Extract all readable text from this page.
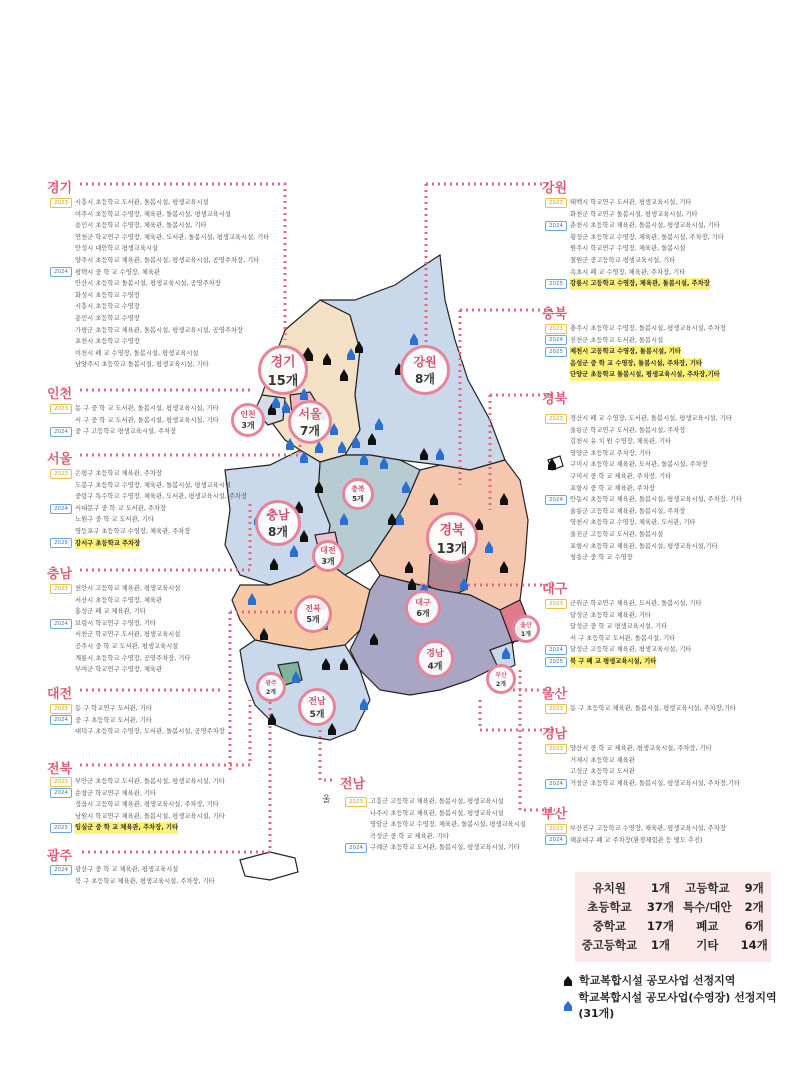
울
경기
15개
강원
8개
인천
3개
서울
7개
충북
5개
충남
8개
대전
3개
경북
13개
전북
5개
대구
6개
울산
1개
경남
4개
부산
2개
광주
2개
전남
5개
경기
인천
서울
충남
대전
전북
광주
강원
충북
경북
대구
울산
경남
부산
전남
2023	시흥시 초등학교 도서관, 돌봄시설, 평생교육시설
여주시 초등학교 수영장, 체육관, 돌봄시설, 평생교육시설
용인시 초등학교 수영장, 체육관, 돌봄시설, 기타
연천군 학교연구 수영장, 체육관, 도서관, 돌봄시설, 평생교육시설, 기타
안성시 대안학교 평생교육시설
양주시 초등학교 체육관, 돌봄시설, 평생교육시설, 공영주차장, 기타
2024	평택시 중 학 교 수영장, 체육관
안산시 초등학교 돌봄시설, 평생교육시설, 공영주차장
화성시 초등학교 수영장
시흥시 초등학교 수영장
용인시 초등학교 수영장
가평군 초등학교 체육관, 돌봄시설, 평생교육시설, 공영주차장
포천시 초등학교 수영장
이천시 폐 교 수영장, 돌봄시설, 평생교육시설
남양주시 초등학교 돌봄시설, 평생교육시설, 기타
2023	동 구 중 학 교 도서관, 돌봄시설, 평생교육시설, 기타
서 구 중 학 교 도서관, 돌봄시설, 평생교육시설, 기타
2024	중 구 고등학교 평생교육시설, 주차장
2023	은평구 초등학교 체육관, 주차장
도봉구 초등학교 수영장, 체육관, 돌봄시설, 평생교육시설
중랑구 특수학교 수영장, 체육관, 도서관, 평생교육시설, 주차장
2024	서대문구 중 학 교 도서관, 주차장
노원구 중 학 교 도서관, 기타
영등포구 초등학교 수영장, 체육관, 주차장
2025	강서구 초등학교 주차장
2023	천안시 고등학교 체육관, 평생교육시설
서산시 초등학교 수영장, 체육관
홍성군 폐 교 체육관, 기타
2024	보령시 학교연구 수영장, 기타
서천군 학교연구 도서관, 평생교육시설
공주시 중 학 교 도서관, 평생교육시설
계룡시 초등학교 수영장, 공영주차장, 기타
부여군 학교연구 수영장, 체육관
2023	동 구 학교연구 도서관, 기타
2024	중 구 초등학교 도서관, 기타
대덕구 초등학교 수영장, 도서관, 돌봄시설, 공영주차장
2023	부안군 초등학교 도서관, 돌봄시설, 평생교육시설, 기타
2024	순창군 학교연구 체육관, 기타
정읍시 고등학교 체육관, 평생교육시설, 주차장, 기타
남원시 학교연구 체육관, 돌봄시설, 평생교육시설, 기타
2025	임실군 중 학 교 체육관, 주차장, 기타
2024	광산구 중 학 교 체육관, 평생교육시설
북 구 초등학교 체육관, 평생교육시설, 주차장, 기타
2023	태백시 학교연구 도서관, 평생교육시설, 기타
화천군 학교연구 돌봄시설, 평생교육시설, 기타
2024	춘천시 초등학교 체육관, 돌봄시설, 평생교육시설, 기타
횡성군 초등학교 수영장, 체육관, 돌봄시설, 주차장, 기타
원주시 학교연구 수영장, 체육관, 돌봄시설
철원군 중고등학교 평생교육시설, 기타
속초시 폐 교 수영장, 체육관, 주차장, 기타
2025	강릉시 고등학교 수영장, 체육관, 돌봄시설, 주차장
2023	충주시 초등학교 수영장, 돌봄시설, 평생교육시설, 주차장
2024	진천군 초등학교 도서관, 돌봄시설
2025	제천시 고등학교 수영장, 돌봄시설, 기타
음성군 중 학 교 수영장, 돌봄시설, 주차장, 기타
단양군 초등학교 돌봄시설, 평생교육시설, 주차장,기타
2023	경산시 폐 교 수영장, 도서관, 돌봄시설, 평생교육시설, 기타
울릉군 학교연구 도서관, 돌봄시설, 주차장
김천시 유 치 원 수영장, 체육관, 기타
영양군 초등학교 주차장, 기타
구미시 초등학교 체육관, 도서관, 돌봄시설, 주차장
구미시 중 학 교 체육관, 주차장, 기타
포항시 중 학 교 체육관, 주차장
2024	안동시 초등학교 체육관, 돌봄시설, 평생교육시설, 주차장, 기타
울릉군 고등학교 체육관, 돌봄시설, 주차장
영천시 초등학교 수영장, 체육관, 도서관, 기타
울진군 고등학교 도서관, 돌봄시설
포항시 초등학교 체육관, 돌봄시설, 평생교육시설,기타
청송군 중 학 교 수영장
2023	군위군 학교연구 체육관, 도서관, 돌봄시설, 기타
달성군 초등학교 체육관, 기타
달성군 중 학 교 평생교육시설, 기타
서 구 초등학교 도서관, 돌봄시설, 기타
2024	달성군 고등학교 체육관, 평생교육시설, 기타
2025	북 구 폐 교 평생교육시설, 기타
2023	동 구 초등학교 체육관, 돌봄시설, 평생교육시설, 주차장,기타
2023	양산시 중 학 교 체육관, 평생교육시설, 주차장, 기타
거제시 초등학교 체육관
고성군 초등학교 도서관
2024	거창군 초등학교 체육관, 돌봄시설, 평생교육시설, 주차장,기타
2023	부산진구 고등학교 수영장, 체육관, 평생교육시설, 주차장
2024	해운대구 폐 교 주차장(환경체험관 등 별도 추진)
2023	고흥군 고등학교 체육관, 돌봄시설, 평생교육시설
나주시 초등학교 체육관, 돌봄시설, 평생교육시설
영암군 초등학교 수영장, 체육관, 돌봄시설, 평생교육시설
곡성군 중 학 교 체육관, 기타
2024	구례군 초등학교 도서관, 돌봄시설, 평생교육시설, 기타
유치원	1개	고등학교	9개
초등학교	37개	특수/대안	2개
중학교	17개	폐교	6개
중고등학교	1개	기타	14개
학교복합시설 공모사업 선정지역
학교복합시설 공모사업(수영장) 선정지역 (31개)
